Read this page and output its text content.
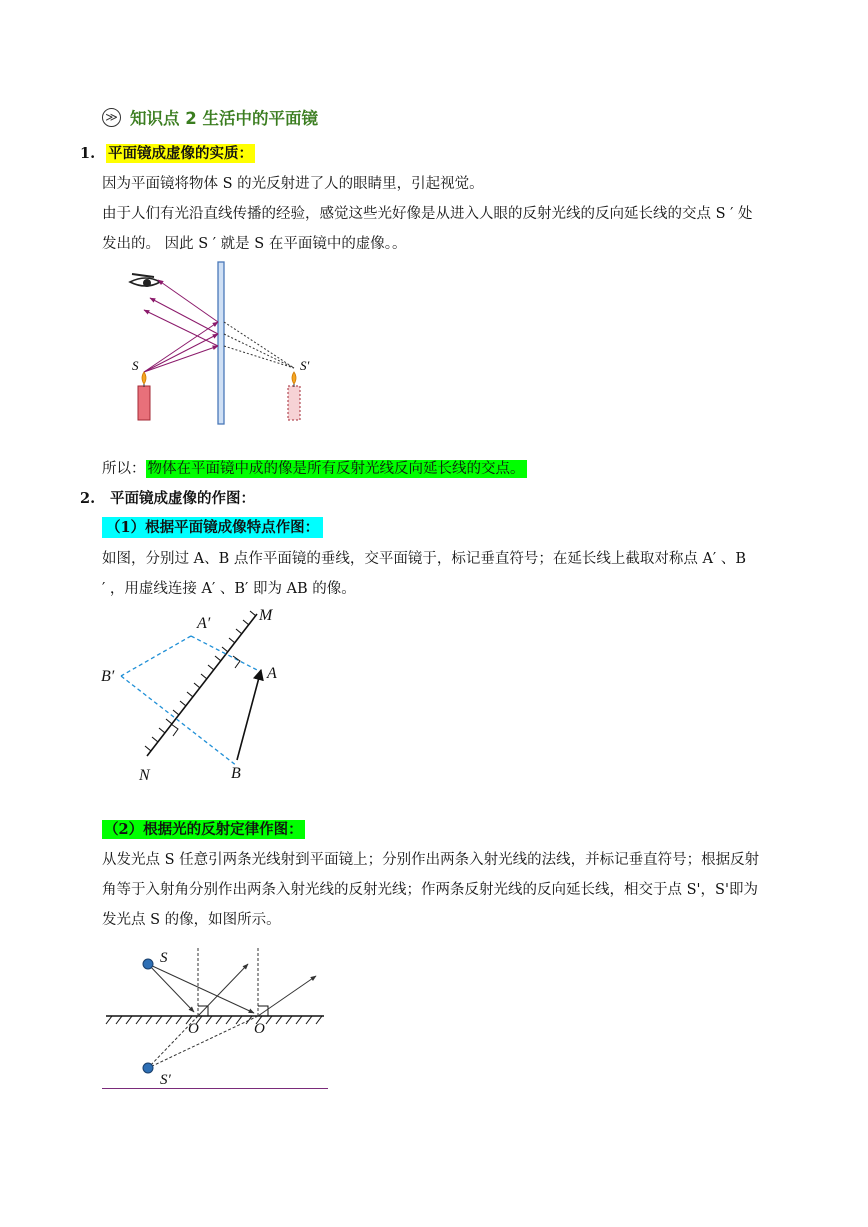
≫ 知识点 2 生活中的平面镜
1. 平面镜成虚像的实质：
因为平面镜将物体 S 的光反射进了人的眼睛里，引起视觉。
由于人们有光沿直线传播的经验，感觉这些光好像是从进入人眼的反射光线的反向延长线的交点 S ′ 处
发出的。 因此 S ′ 就是 S 在平面镜中的虚像。。
S	S′
所以： 物体在平面镜中成的像是所有反射光线反向延长线的交点。
2. 平面镜成虚像的作图：
（1）根据平面镜成像特点作图：
如图，分别过 A、B 点作平面镜的垂线，交平面镜于，标记垂直符号；在延长线上截取对称点 A′ 、B
′ ，用虚线连接 A′ 、B′ 即为 AB 的像。
A′	M
B′	A
N	B
（2）根据光的反射定律作图：
从发光点 S 任意引两条光线射到平面镜上；分别作出两条入射光线的法线，并标记垂直符号；根据反射
角等于入射角分别作出两条入射光线的反射光线；作两条反射光线的反向延长线，相交于点 S'，S'即为
发光点 S 的像，如图所示。
S
O	O
S′
